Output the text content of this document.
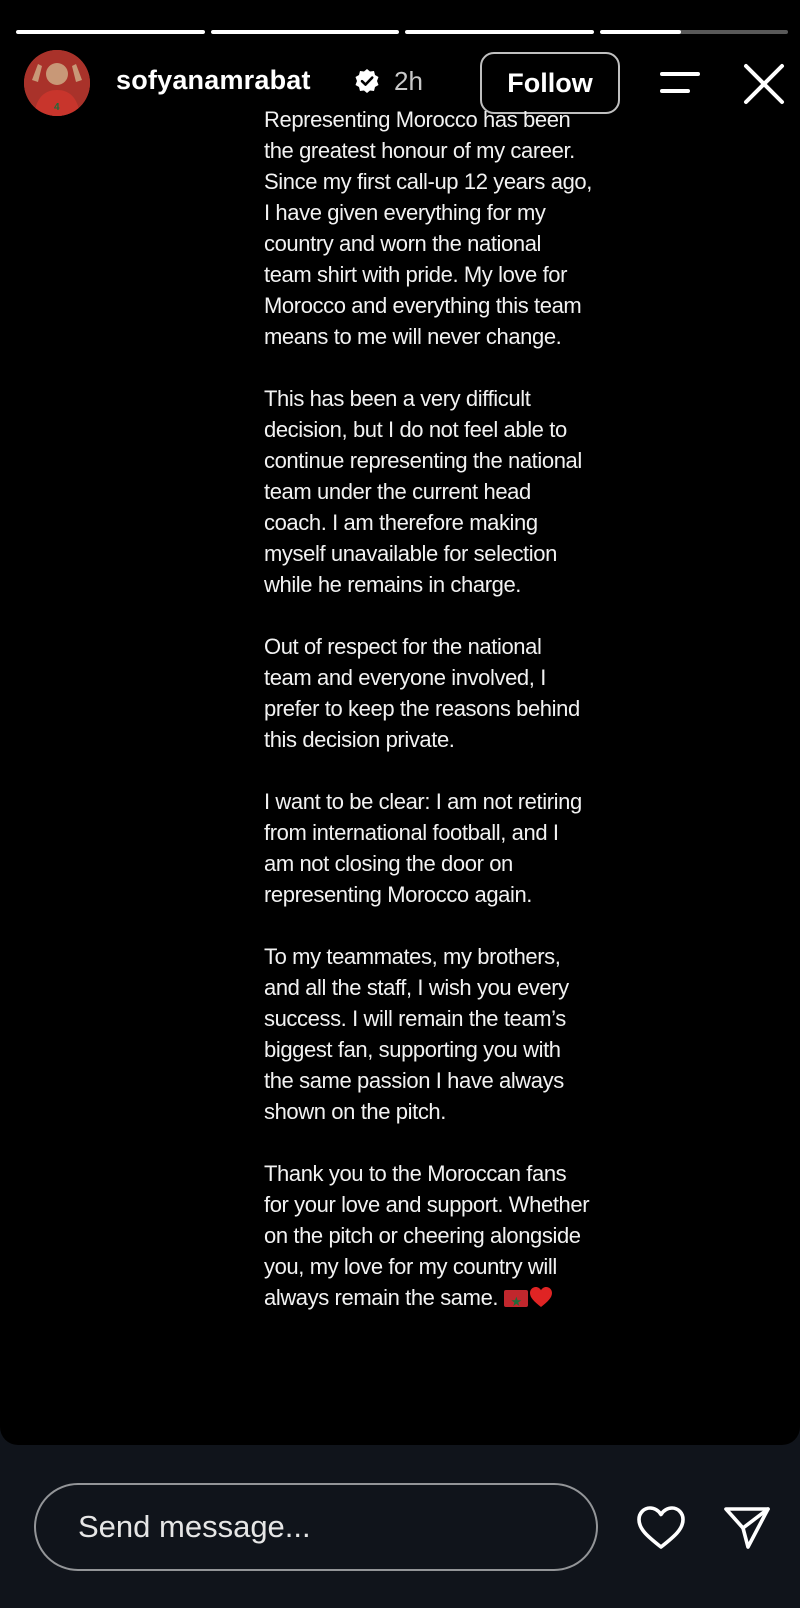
4
sofyanamrabat	2h	Follow

Representing Morocco has been the greatest honour of my career. Since my first call-up 12 years ago, I have given everything for my country and worn the national team shirt with pride. My love for Morocco and everything this team means to me will never change.

This has been a very difficult decision, but I do not feel able to continue representing the national team under the current head coach. I am therefore making myself unavailable for selection while he remains in charge.

Out of respect for the national team and everyone involved, I prefer to keep the reasons behind this decision private.

I want to be clear: I am not retiring from international football, and I am not closing the door on representing Morocco again.

To my teammates, my brothers, and all the staff, I wish you every success. I will remain the team’s biggest fan, supporting you with the same passion I have always shown on the pitch.

Thank you to the Moroccan fans for your love and support. Whether on the pitch or cheering alongside you, my love for my country will always remain the same.★

Send message...
